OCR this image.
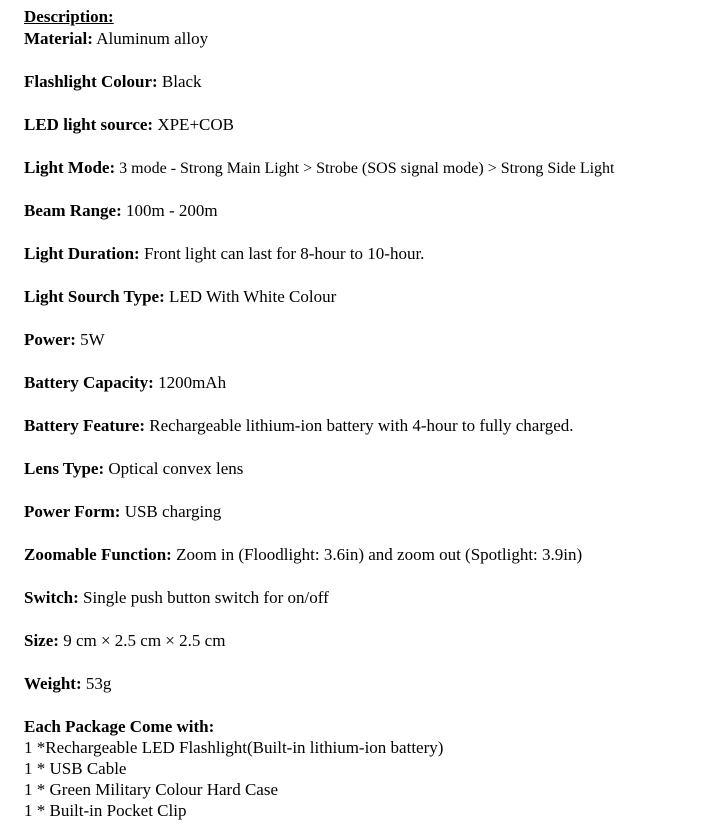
Description:
Material: Aluminum alloy
Flashlight Colour: Black
LED light source: XPE+COB
Light Mode: 3 mode - Strong Main Light > Strobe (SOS signal mode) > Strong Side Light
Beam Range: 100m - 200m
Light Duration: Front light can last for 8-hour to 10-hour.
Light Sourch Type: LED With White Colour
Power: 5W
Battery Capacity: 1200mAh
Battery Feature: Rechargeable lithium-ion battery with 4-hour to fully charged.
Lens Type: Optical convex lens
Power Form: USB charging
Zoomable Function: Zoom in (Floodlight: 3.6in) and zoom out (Spotlight: 3.9in)
Switch: Single push button switch for on/off
Size: 9 cm × 2.5 cm × 2.5 cm
Weight: 53g
Each Package Come with:
1 *Rechargeable LED Flashlight(Built-in lithium-ion battery)
1 * USB Cable
1 * Green Military Colour Hard Case
1 * Built-in Pocket Clip
